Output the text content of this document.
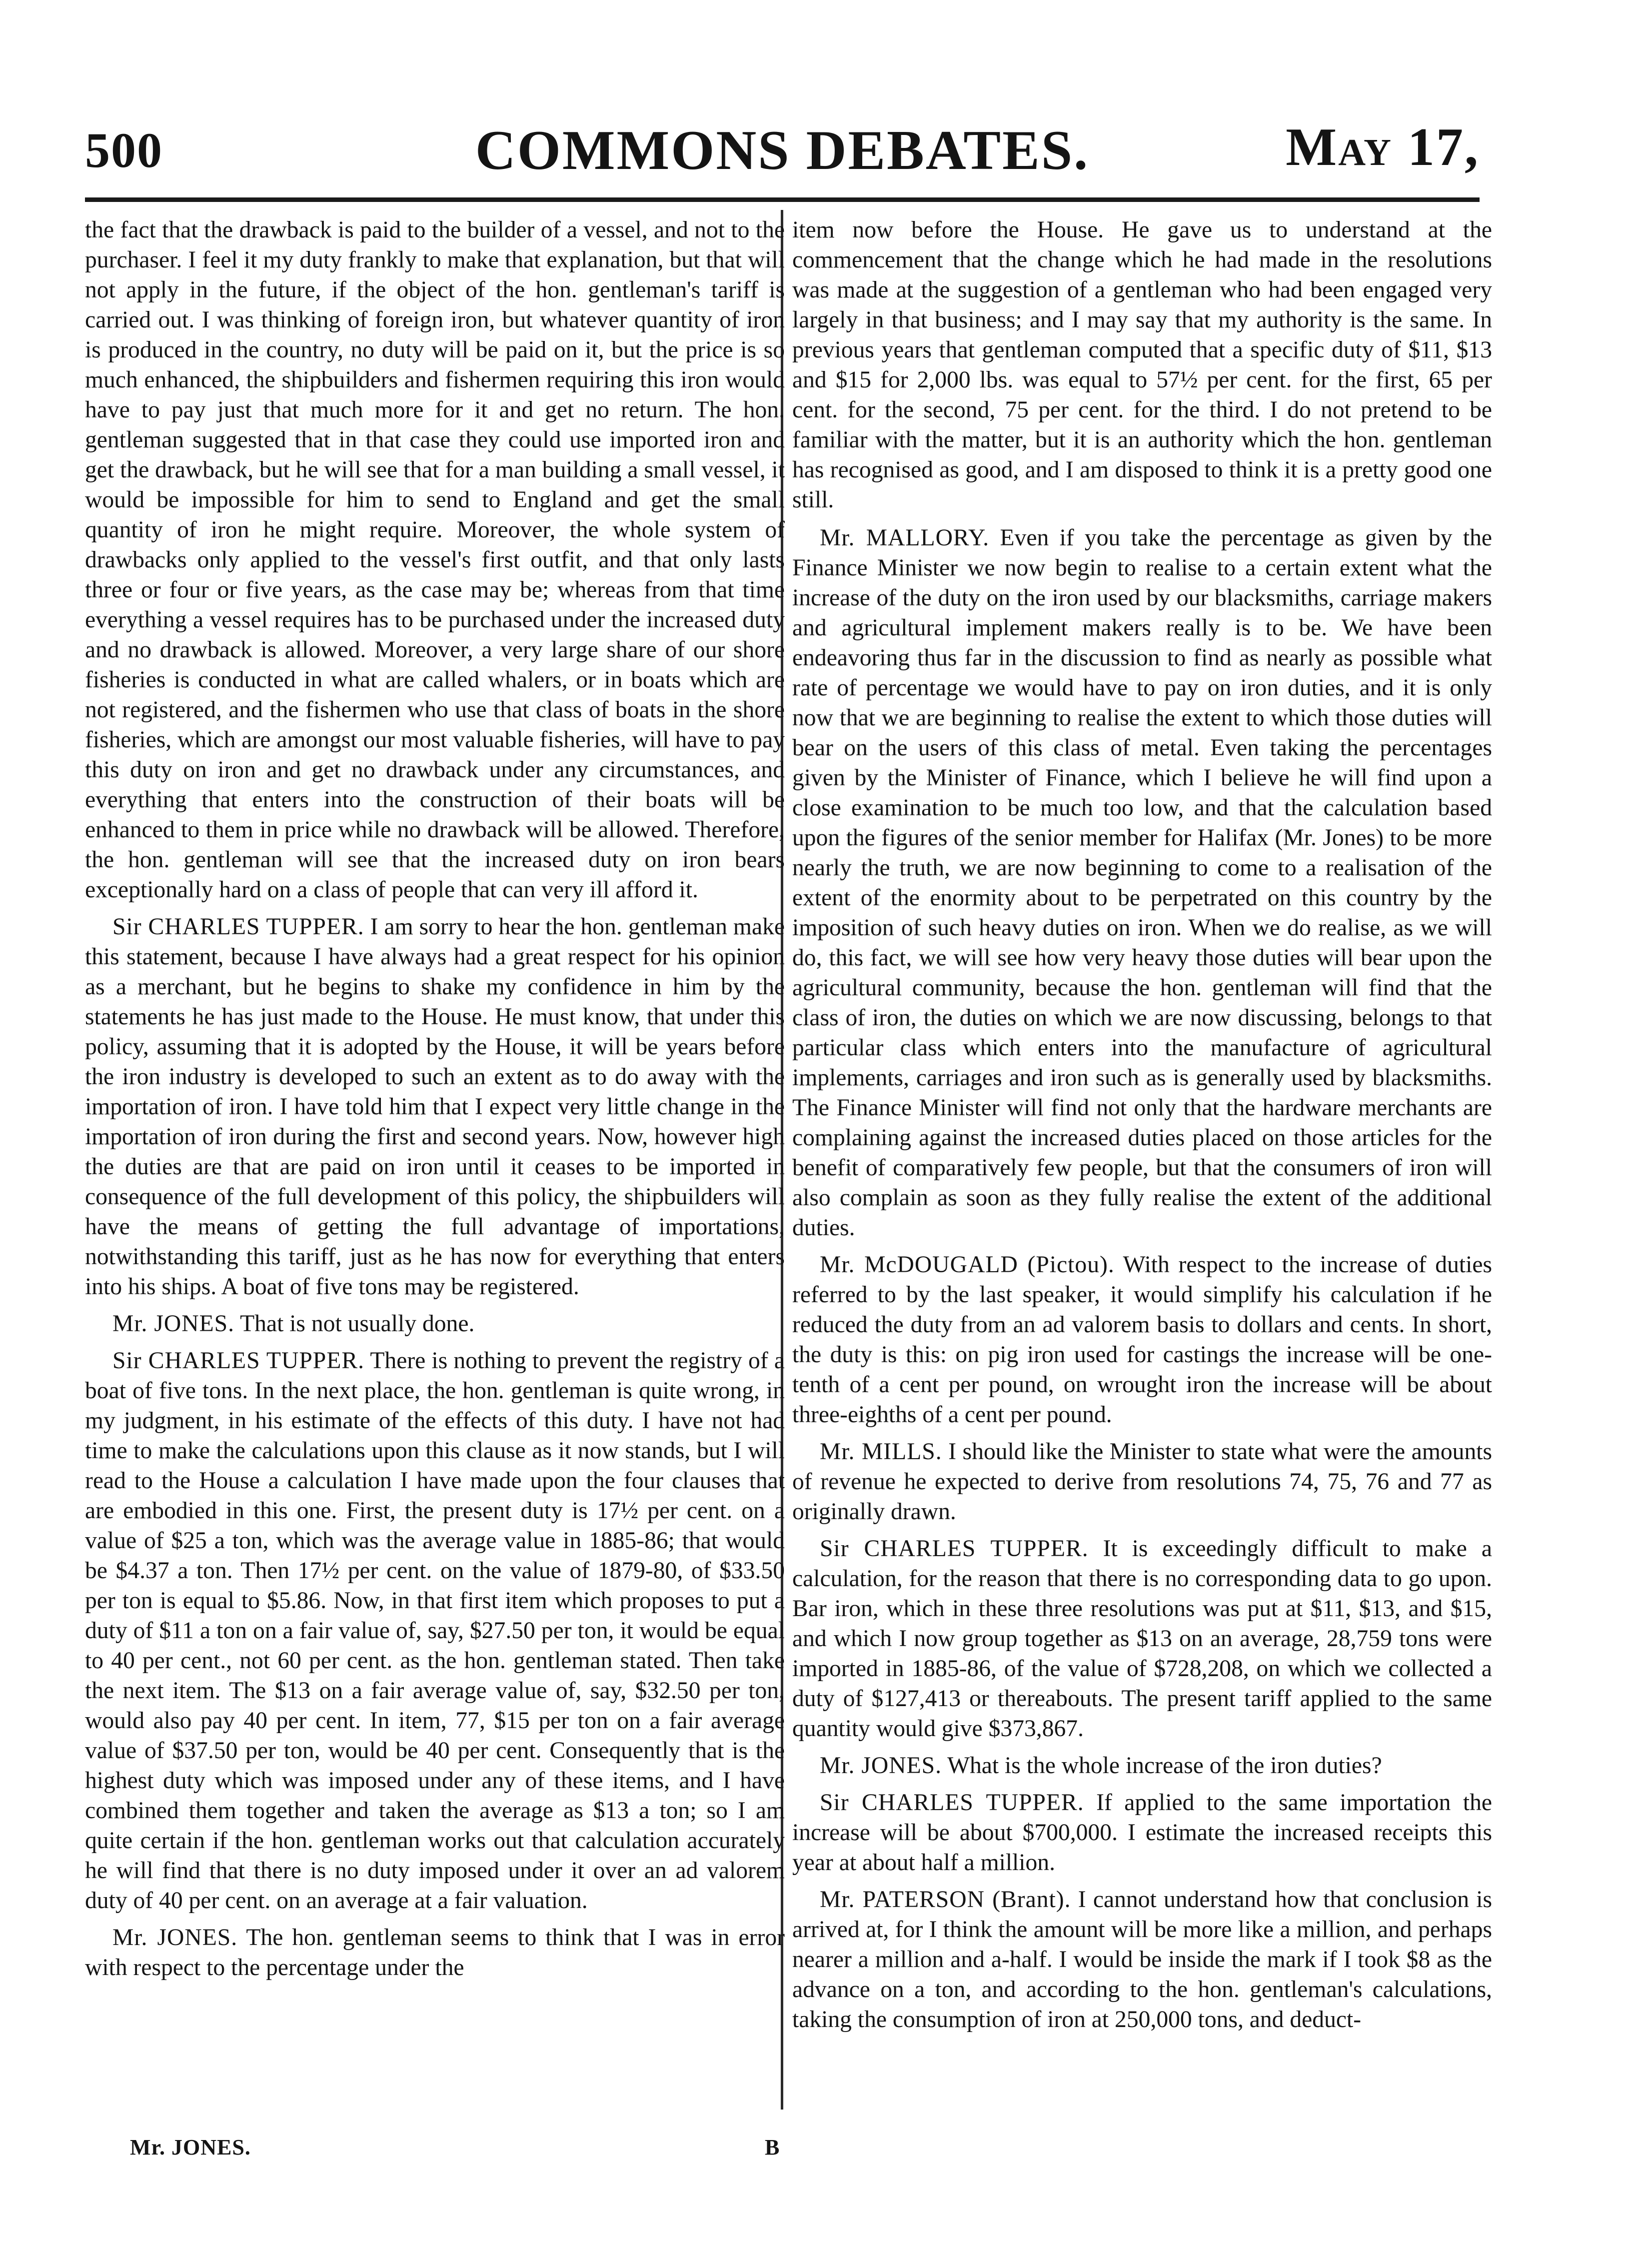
500	COMMONS DEBATES.	May 17,

the fact that the drawback is paid to the builder of a vessel, and not to the purchaser. I feel it my duty frankly to make that explanation, but that will not apply in the future, if the object of the hon. gentleman's tariff is carried out. I was thinking of foreign iron, but whatever quantity of iron is produced in the country, no duty will be paid on it, but the price is so much enhanced, the shipbuilders and fishermen requiring this iron would have to pay just that much more for it and get no return. The hon. gentleman suggested that in that case they could use imported iron and get the drawback, but he will see that for a man building a small vessel, it would be impossible for him to send to England and get the small quantity of iron he might require. Moreover, the whole system of drawbacks only applied to the vessel's first outfit, and that only lasts three or four or five years, as the case may be; whereas from that time everything a vessel requires has to be purchased under the increased duty and no drawback is allowed. Moreover, a very large share of our shore fisheries is conducted in what are called whalers, or in boats which are not registered, and the fishermen who use that class of boats in the shore fisheries, which are amongst our most valuable fisheries, will have to pay this duty on iron and get no drawback under any circumstances, and everything that enters into the construction of their boats will be enhanced to them in price while no drawback will be allowed. Therefore, the hon. gentleman will see that the increased duty on iron bears exceptionally hard on a class of people that can very ill afford it.

Sir CHARLES TUPPER. I am sorry to hear the hon. gentleman make this statement, because I have always had a great respect for his opinion as a merchant, but he begins to shake my confidence in him by the statements he has just made to the House. He must know, that under this policy, assuming that it is adopted by the House, it will be years before the iron industry is developed to such an extent as to do away with the importation of iron. I have told him that I expect very little change in the importation of iron during the first and second years. Now, however high the duties are that are paid on iron until it ceases to be imported in consequence of the full development of this policy, the shipbuilders will have the means of getting the full advantage of importations, notwithstanding this tariff, just as he has now for everything that enters into his ships. A boat of five tons may be registered.

Mr. JONES. That is not usually done.

Sir CHARLES TUPPER. There is nothing to prevent the registry of a boat of five tons. In the next place, the hon. gentleman is quite wrong, in my judgment, in his estimate of the effects of this duty. I have not had time to make the calculations upon this clause as it now stands, but I will read to the House a calculation I have made upon the four clauses that are embodied in this one. First, the present duty is 17½ per cent. on a value of $25 a ton, which was the average value in 1885-86; that would be $4.37 a ton. Then 17½ per cent. on the value of 1879-80, of $33.50 per ton is equal to $5.86. Now, in that first item which proposes to put a duty of $11 a ton on a fair value of, say, $27.50 per ton, it would be equal to 40 per cent., not 60 per cent. as the hon. gentleman stated. Then take the next item. The $13 on a fair average value of, say, $32.50 per ton, would also pay 40 per cent. In item, 77, $15 per ton on a fair average value of $37.50 per ton, would be 40 per cent. Consequently that is the highest duty which was imposed under any of these items, and I have combined them together and taken the average as $13 a ton; so I am quite certain if the hon. gentleman works out that calculation accurately he will find that there is no duty imposed under it over an ad valorem duty of 40 per cent. on an average at a fair valuation.

Mr. JONES. The hon. gentleman seems to think that I was in error with respect to the percentage under the

item now before the House. He gave us to understand at the commencement that the change which he had made in the resolutions was made at the suggestion of a gentleman who had been engaged very largely in that business; and I may say that my authority is the same. In previous years that gentleman computed that a specific duty of $11, $13 and $15 for 2,000 lbs. was equal to 57½ per cent. for the first, 65 per cent. for the second, 75 per cent. for the third. I do not pretend to be familiar with the matter, but it is an authority which the hon. gentleman has recognised as good, and I am disposed to think it is a pretty good one still.

Mr. MALLORY. Even if you take the percentage as given by the Finance Minister we now begin to realise to a certain extent what the increase of the duty on the iron used by our blacksmiths, carriage makers and agricultural implement makers really is to be. We have been endeavoring thus far in the discussion to find as nearly as possible what rate of percentage we would have to pay on iron duties, and it is only now that we are beginning to realise the extent to which those duties will bear on the users of this class of metal. Even taking the percentages given by the Minister of Finance, which I believe he will find upon a close examination to be much too low, and that the calculation based upon the figures of the senior member for Halifax (Mr. Jones) to be more nearly the truth, we are now beginning to come to a realisation of the extent of the enormity about to be perpetrated on this country by the imposition of such heavy duties on iron. When we do realise, as we will do, this fact, we will see how very heavy those duties will bear upon the agricultural community, because the hon. gentleman will find that the class of iron, the duties on which we are now discussing, belongs to that particular class which enters into the manufacture of agricultural implements, carriages and iron such as is generally used by blacksmiths. The Finance Minister will find not only that the hardware merchants are complaining against the increased duties placed on those articles for the benefit of comparatively few people, but that the consumers of iron will also complain as soon as they fully realise the extent of the additional duties.

Mr. McDOUGALD (Pictou). With respect to the increase of duties referred to by the last speaker, it would simplify his calculation if he reduced the duty from an ad valorem basis to dollars and cents. In short, the duty is this: on pig iron used for castings the increase will be one-tenth of a cent per pound, on wrought iron the increase will be about three-eighths of a cent per pound.

Mr. MILLS. I should like the Minister to state what were the amounts of revenue he expected to derive from resolutions 74, 75, 76 and 77 as originally drawn.

Sir CHARLES TUPPER. It is exceedingly difficult to make a calculation, for the reason that there is no corresponding data to go upon. Bar iron, which in these three resolutions was put at $11, $13, and $15, and which I now group together as $13 on an average, 28,759 tons were imported in 1885-86, of the value of $728,208, on which we collected a duty of $127,413 or thereabouts. The present tariff applied to the same quantity would give $373,867.

Mr. JONES. What is the whole increase of the iron duties?

Sir CHARLES TUPPER. If applied to the same importation the increase will be about $700,000. I estimate the increased receipts this year at about half a million.

Mr. PATERSON (Brant). I cannot understand how that conclusion is arrived at, for I think the amount will be more like a million, and perhaps nearer a million and a-half. I would be inside the mark if I took $8 as the advance on a ton, and according to the hon. gentleman's calculations, taking the consumption of iron at 250,000 tons, and deduct-

Mr. JONES.	B
